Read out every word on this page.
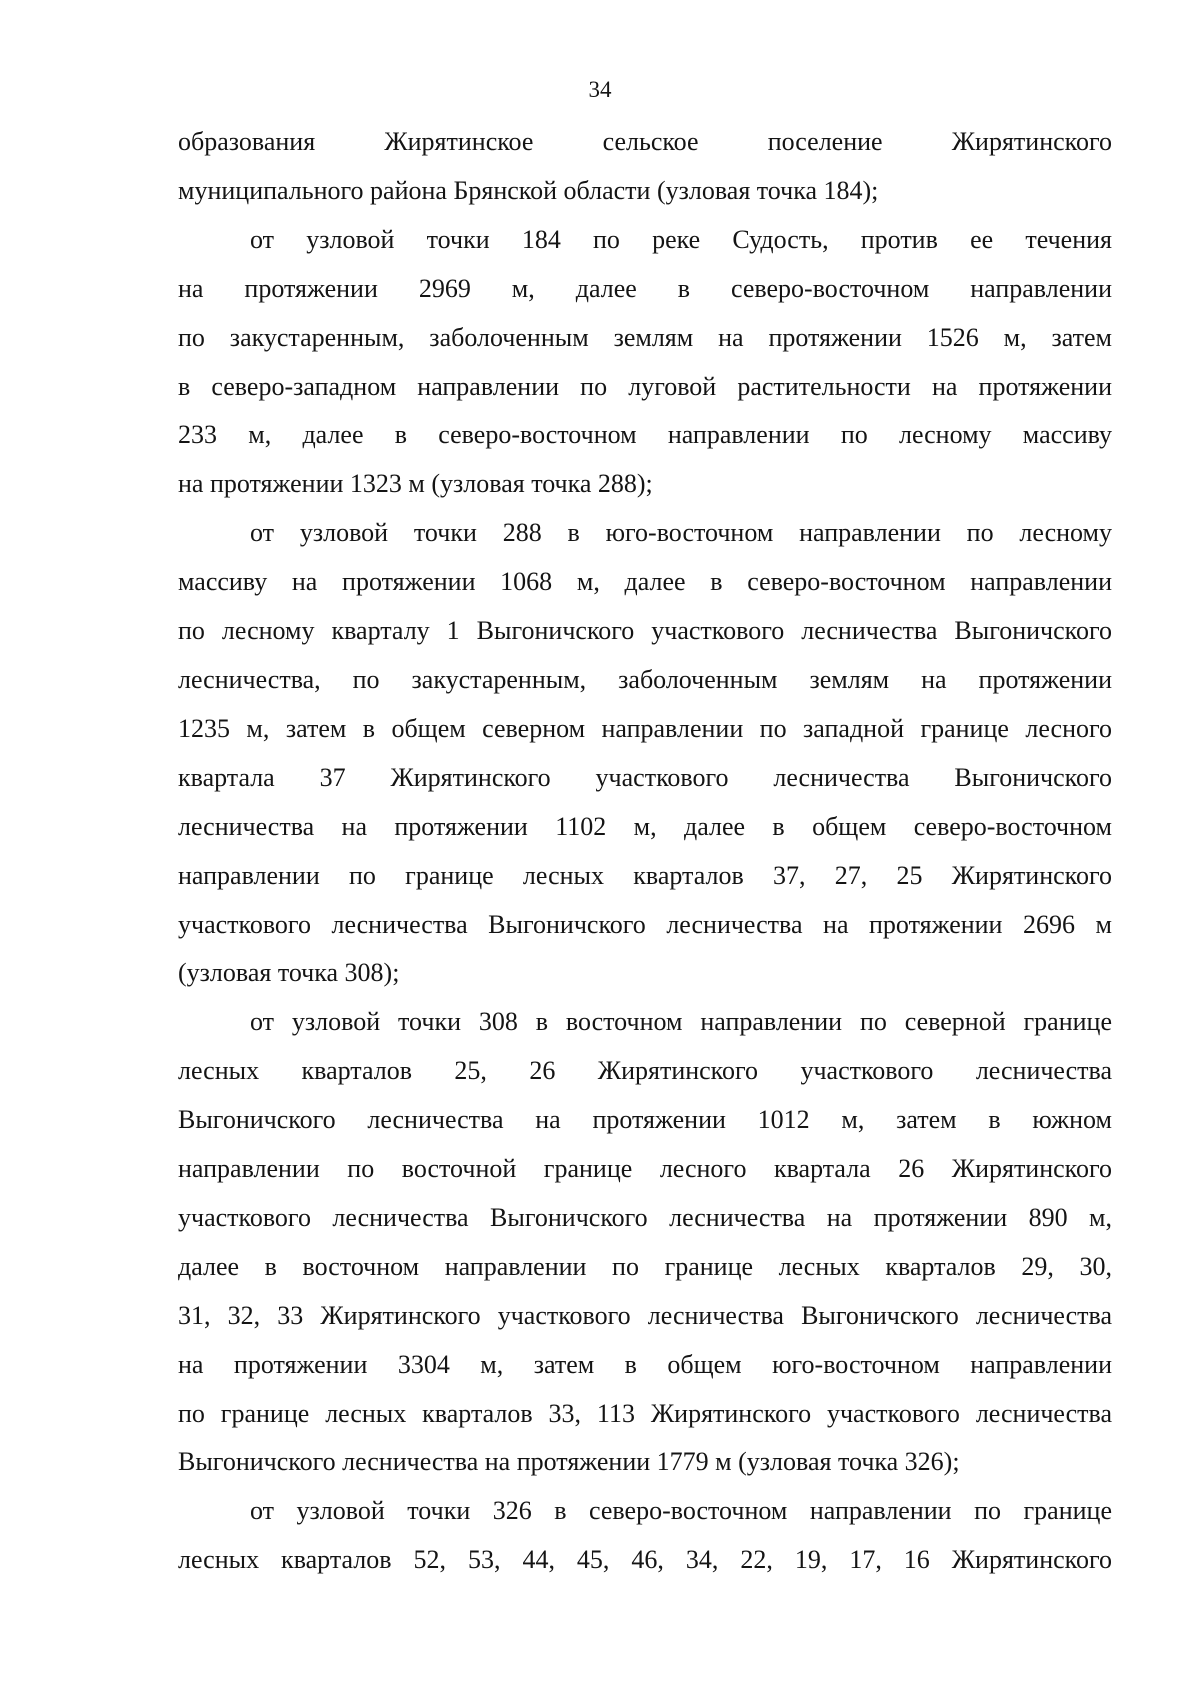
34
образования Жирятинское сельское поселение Жирятинского
муниципального района Брянской области (узловая точка 184);
от узловой точки 184 по реке Судость, против ее течения
на протяжении 2969 м, далее в северо-восточном направлении
по закустаренным, заболоченным землям на протяжении 1526 м, затем
в северо-западном направлении по луговой растительности на протяжении
233 м, далее в северо-восточном направлении по лесному массиву
на протяжении 1323 м (узловая точка 288);
от узловой точки 288 в юго-восточном направлении по лесному
массиву на протяжении 1068 м, далее в северо-восточном направлении
по лесному кварталу 1 Выгоничского участкового лесничества Выгоничского
лесничества, по закустаренным, заболоченным землям на протяжении
1235 м, затем в общем северном направлении по западной границе лесного
квартала 37 Жирятинского участкового лесничества Выгоничского
лесничества на протяжении 1102 м, далее в общем северо-восточном
направлении по границе лесных кварталов 37, 27, 25 Жирятинского
участкового лесничества Выгоничского лесничества на протяжении 2696 м
(узловая точка 308);
от узловой точки 308 в восточном направлении по северной границе
лесных кварталов 25, 26 Жирятинского участкового лесничества
Выгоничского лесничества на протяжении 1012 м, затем в южном
направлении по восточной границе лесного квартала 26 Жирятинского
участкового лесничества Выгоничского лесничества на протяжении 890 м,
далее в восточном направлении по границе лесных кварталов 29, 30,
31, 32, 33 Жирятинского участкового лесничества Выгоничского лесничества
на протяжении 3304 м, затем в общем юго-восточном направлении
по границе лесных кварталов 33, 113 Жирятинского участкового лесничества
Выгоничского лесничества на протяжении 1779 м (узловая точка 326);
от узловой точки 326 в северо-восточном направлении по границе
лесных кварталов 52, 53, 44, 45, 46, 34, 22, 19, 17, 16 Жирятинского
